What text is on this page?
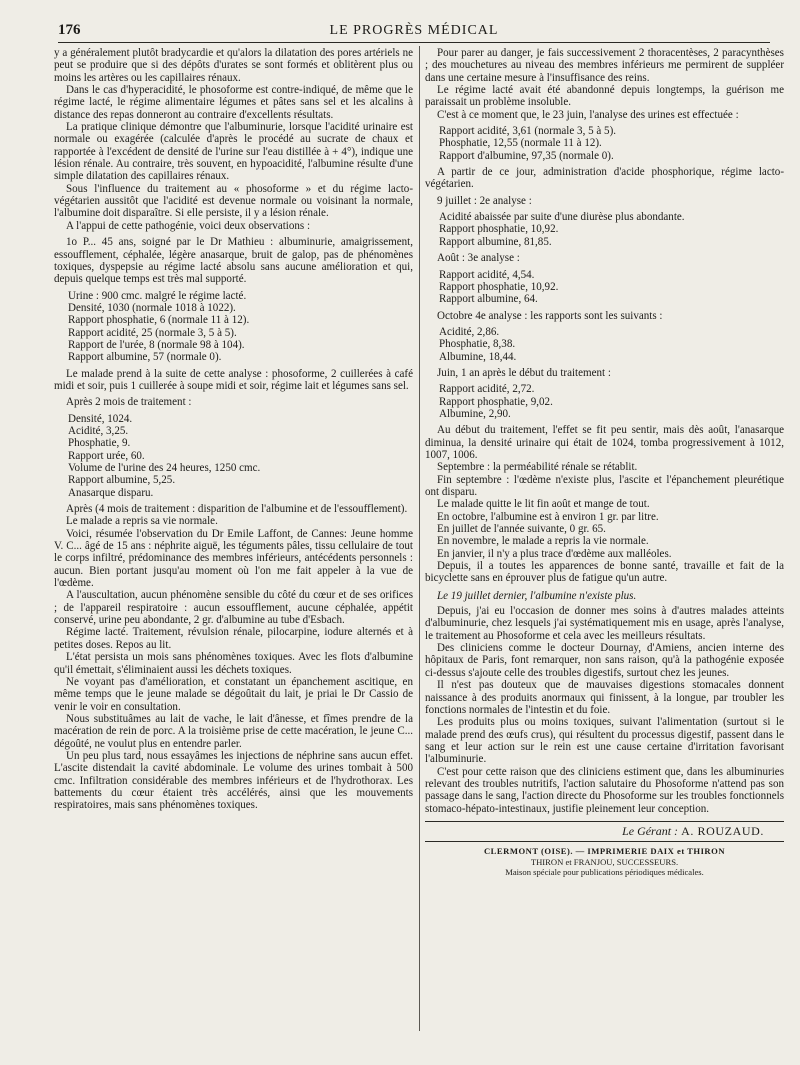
176	LE PROGRÈS MÉDICAL

y a généralement plutôt bradycardie et qu'alors la dilatation des pores artériels ne peut se produire que si des dépôts d'urates se sont formés et oblitèrent plus ou moins les artères ou les capillaires rénaux.

Dans le cas d'hyperacidité, le phosoforme est contre-indiqué, de même que le régime lacté, le régime alimentaire légumes et pâtes sans sel et les alcalins à distance des repas donneront au contraire d'excellents résultats.

La pratique clinique démontre que l'albuminurie, lorsque l'acidité urinaire est normale ou exagérée (calculée d'après le procédé au sucrate de chaux et rapportée à l'excédent de densité de l'urine sur l'eau distillée à + 4°), indique une lésion rénale. Au contraire, très souvent, en hypoacidité, l'albumine résulte d'une simple dilatation des capillaires rénaux.

Sous l'influence du traitement au « phosoforme » et du régime lacto-végétarien aussitôt que l'acidité est devenue normale ou voisinant la normale, l'albumine doit disparaître. Si elle persiste, il y a lésion rénale.

A l'appui de cette pathogénie, voici deux observations :

1o P... 45 ans, soigné par le Dr Mathieu : albuminurie, amaigrissement, essoufflement, céphalée, légère anasarque, bruit de galop, pas de phénomènes toxiques, dyspepsie au régime lacté absolu sans aucune amélioration et qui, depuis quelque temps est très mal supporté.

Urine : 900 cmc. malgré le régime lacté.
Densité, 1030 (normale 1018 à 1022).
Rapport phosphatie, 6 (normale 11 à 12).
Rapport acidité, 25 (normale 3, 5 à 5).
Rapport de l'urée, 8 (normale 98 à 104).
Rapport albumine, 57 (normale 0).

Le malade prend à la suite de cette analyse : phosoforme, 2 cuillerées à café midi et soir, puis 1 cuillerée à soupe midi et soir, régime lait et légumes sans sel.

Après 2 mois de traitement :

Densité, 1024.
Acidité, 3,25.
Phosphatie, 9.
Rapport urée, 60.
Volume de l'urine des 24 heures, 1250 cmc.
Rapport albumine, 5,25.
Anasarque disparu.

Après (4 mois de traitement : disparition de l'albumine et de l'essoufflement).

Le malade a repris sa vie normale.

Voici, résumée l'observation du Dr Emile Laffont, de Cannes: Jeune homme V. C... âgé de 15 ans : néphrite aiguë, les téguments pâles, tissu cellulaire de tout le corps infiltré, prédominance des membres inférieurs, antécédents personnels : aucun. Bien portant jusqu'au moment où l'on me fait appeler à la vue de l'œdème.

A l'auscultation, aucun phénomène sensible du côté du cœur et de ses orifices ; de l'appareil respiratoire : aucun essoufflement, aucune céphalée, appétit conservé, urine peu abondante, 2 gr. d'albumine au tube d'Esbach.

Régime lacté. Traitement, révulsion rénale, pilocarpine, iodure alternés et à petites doses. Repos au lit.

L'état persista un mois sans phénomènes toxiques. Avec les flots d'albumine qu'il émettait, s'éliminaient aussi les déchets toxiques.

Ne voyant pas d'amélioration, et constatant un épanchement ascitique, en même temps que le jeune malade se dégoûtait du lait, je priai le Dr Cassio de venir le voir en consultation.

Nous substituâmes au lait de vache, le lait d'ânesse, et fîmes prendre de la macération de rein de porc. A la troisième prise de cette macération, le jeune C... dégoûté, ne voulut plus en entendre parler.

Un peu plus tard, nous essayâmes les injections de néphrine sans aucun effet. L'ascite distendait la cavité abdominale. Le volume des urines tombait à 500 cmc. Infiltration considérable des membres inférieurs et de l'hydrothorax. Les battements du cœur étaient très accélérés, ainsi que les mouvements respiratoires, mais sans phénomènes toxiques.

Pour parer au danger, je fais successivement 2 thoracentèses, 2 paracynthèses ; des mouchetures au niveau des membres inférieurs me permirent de suppléer dans une certaine mesure à l'insuffisance des reins.

Le régime lacté avait été abandonné depuis longtemps, la guérison me paraissait un problème insoluble.

C'est à ce moment que, le 23 juin, l'analyse des urines est effectuée :

Rapport acidité, 3,61 (normale 3, 5 à 5).
Phosphatie, 12,55 (normale 11 à 12).
Rapport d'albumine, 97,35 (normale 0).

A partir de ce jour, administration d'acide phosphorique, régime lacto-végétarien.

9 juillet : 2e analyse :

Acidité abaissée par suite d'une diurèse plus abondante.
Rapport phosphatie, 10,92.
Rapport albumine, 81,85.

Août : 3e analyse :

Rapport acidité, 4,54.
Rapport phosphatie, 10,92.
Rapport albumine, 64.

Octobre 4e analyse : les rapports sont les suivants :

Acidité, 2,86.
Phosphatie, 8,38.
Albumine, 18,44.

Juin, 1 an après le début du traitement :

Rapport acidité, 2,72.
Rapport phosphatie, 9,02.
Albumine, 2,90.

Au début du traitement, l'effet se fit peu sentir, mais dès août, l'anasarque diminua, la densité urinaire qui était de 1024, tomba progressivement à 1012, 1007, 1006.

Septembre : la perméabilité rénale se rétablit.

Fin septembre : l'œdème n'existe plus, l'ascite et l'épanchement pleurétique ont disparu.

Le malade quitte le lit fin août et mange de tout.

En octobre, l'albumine est à environ 1 gr. par litre.

En juillet de l'année suivante, 0 gr. 65.

En novembre, le malade a repris la vie normale.

En janvier, il n'y a plus trace d'œdème aux malléoles.

Depuis, il a toutes les apparences de bonne santé, travaille et fait de la bicyclette sans en éprouver plus de fatigue qu'un autre.

Le 19 juillet dernier, l'albumine n'existe plus.

Depuis, j'ai eu l'occasion de donner mes soins à d'autres malades atteints d'albuminurie, chez lesquels j'ai systématiquement mis en usage, après l'analyse, le traitement au Phosoforme et cela avec les meilleurs résultats.

Des cliniciens comme le docteur Dournay, d'Amiens, ancien interne des hôpitaux de Paris, font remarquer, non sans raison, qu'à la pathogénie exposée ci-dessus s'ajoute celle des troubles digestifs, surtout chez les jeunes.

Il n'est pas douteux que de mauvaises digestions stomacales donnent naissance à des produits anormaux qui finissent, à la longue, par troubler les fonctions normales de l'intestin et du foie.

Les produits plus ou moins toxiques, suivant l'alimentation (surtout si le malade prend des œufs crus), qui résultent du processus digestif, passent dans le sang et leur action sur le rein est une cause certaine d'irritation favorisant l'albuminurie.

C'est pour cette raison que des cliniciens estiment que, dans les albuminuries relevant des troubles nutritifs, l'action salutaire du Phosoforme n'attend pas son passage dans le sang, l'action directe du Phosoforme sur les troubles fonctionnels stomaco-hépato-intestinaux, justifie pleinement leur conception.

Le Gérant : A. ROUZAUD.
CLERMONT (OISE). — IMPRIMERIE DAIX et THIRON
THIRON et FRANJOU, SUCCESSEURS.
Maison spéciale pour publications périodiques médicales.
